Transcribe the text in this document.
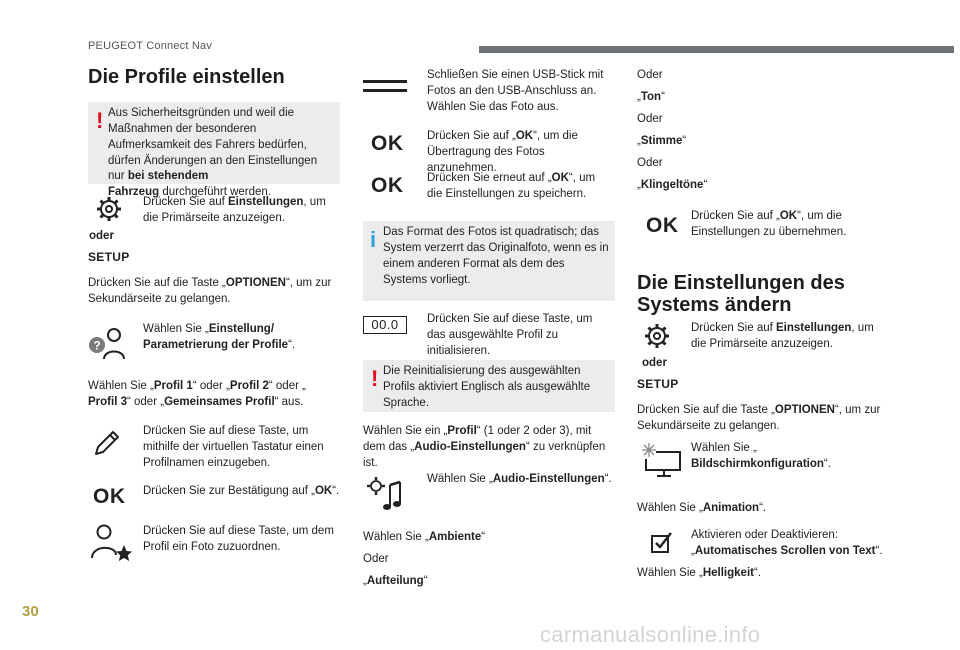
PEUGEOT Connect Nav
Die Profile einstellen
! Aus Sicherheitsgründen und weil die Maßnahmen der besonderen Aufmerksamkeit des Fahrers bedürfen, dürfen Änderungen an den Einstellungen nur bei stehendem
Fahrzeug durchgeführt werden.
oder
SETUP
Drücken Sie auf Einstellungen, um die Primärseite anzuzeigen.
Drücken Sie auf die Taste „OPTIONEN“, um zur Sekundärseite zu gelangen.
?
Wählen Sie „Einstellung/ Parametrierung der Profile“.
Wählen Sie „Profil 1“ oder „Profil 2“ oder „
Profil 3“ oder „Gemeinsames Profil“ aus.
Drücken Sie auf diese Taste, um mithilfe der virtuellen Tastatur einen Profilnamen einzugeben.
OK Drücken Sie zur Bestätigung auf „OK“.
Drücken Sie auf diese Taste, um dem Profil ein Foto zuzuordnen.
Schließen Sie einen USB-Stick mit Fotos an den USB-Anschluss an. Wählen Sie das Foto aus.
OK Drücken Sie auf „OK“, um die Übertragung des Fotos anzunehmen.
OK Drücken Sie erneut auf „OK“, um die Einstellungen zu speichern.
i Das Format des Fotos ist quadratisch; das System verzerrt das Originalfoto, wenn es in einem anderen Format als dem des Systems vorliegt.
00.0	Drücken Sie auf diese Taste, um das ausgewählte Profil zu initialisieren.
! Die Reinitialisierung des ausgewählten Profils aktiviert Englisch als ausgewählte Sprache.
Wählen Sie ein „Profil“ (1 oder 2 oder 3), mit dem das „Audio-Einstellungen“ zu verknüpfen ist.
Wählen Sie „Audio-Einstellungen“.
Wählen Sie „Ambiente“
Oder
„Aufteilung“
Oder
„Ton“
Oder
„Stimme“
Oder
„Klingeltöne“
OK Drücken Sie auf „OK“, um die Einstellungen zu übernehmen.
Die Einstellungen des Systems ändern
oder
SETUP
Drücken Sie auf Einstellungen, um die Primärseite anzuzeigen.
Drücken Sie auf die Taste „OPTIONEN“, um zur Sekundärseite zu gelangen.
Wählen Sie „
Bildschirmkonfiguration“.
Wählen Sie „Animation“.
Aktivieren oder Deaktivieren: „Automatisches Scrollen von Text“.
Wählen Sie „Helligkeit“.
30
carmanualsonline.info
